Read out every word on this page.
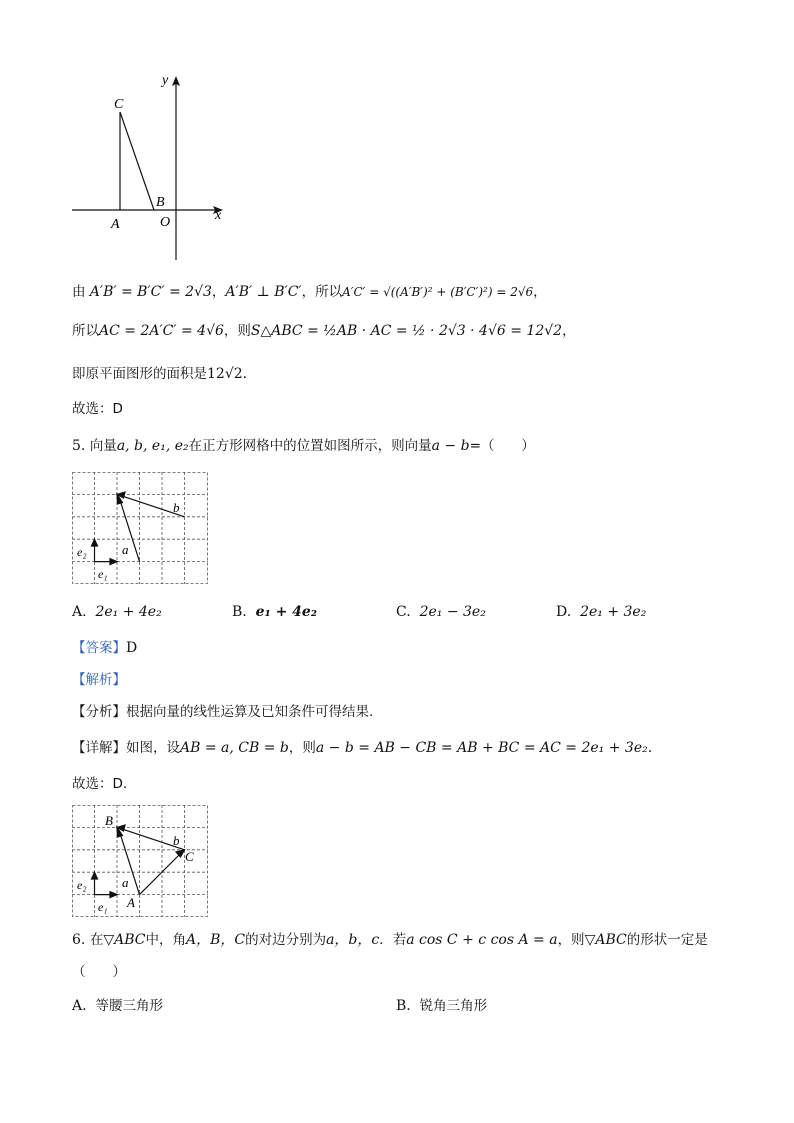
y
x
C
B
A	O
由 A′B′ = B′C′ = 2√3，A′B′ ⊥ B′C′，所以A′C′ = √((A′B′)² + (B′C′)²) = 2√6，
所以AC = 2A′C′ = 4√6，则S△ABC = ½AB · AC = ½ · 2√3 · 4√6 = 12√2，
即原平面图形的面积是12√2.
故选：D
5. 向量a, b, e₁, e₂在正方形网格中的位置如图所示，则向量a − b=（　　）
b
a
e₁
e₂
A. 2e₁ + 4e₂	B. e₁ + 4e₂	C. 2e₁ − 3e₂	D. 2e₁ + 3e₂
【答案】D
【解析】
【分析】根据向量的线性运算及已知条件可得结果.
【详解】如图，设AB = a, CB = b，则a − b = AB − CB = AB + BC = AC = 2e₁ + 3e₂.
故选：D.
B
C
A
b
a
e₁
e₂
6. 在▽ABC中，角A，B，C的对边分别为a，b，c．若a cos C + c cos A = a，则▽ABC的形状一定是
（　　）
A. 等腰三角形	B. 锐角三角形
